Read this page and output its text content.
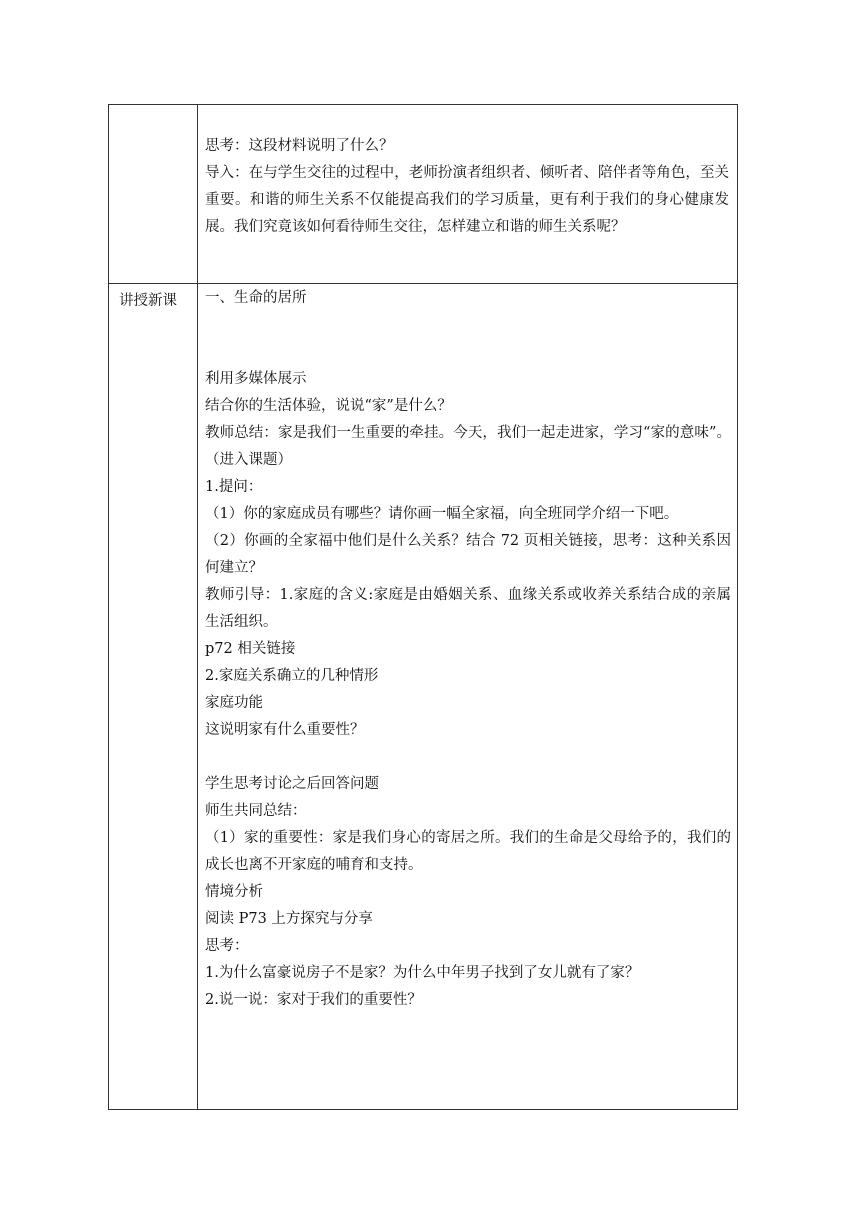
思考：这段材料说明了什么？
导入：在与学生交往的过程中，老师扮演者组织者、倾听者、陪伴者等角色，至关重要。和谐的师生关系不仅能提高我们的学习质量，更有利于我们的身心健康发展。我们究竟该如何看待师生交往，怎样建立和谐的师生关系呢？
讲授新课 一、生命的居所
利用多媒体展示
结合你的生活体验，说说“家”是什么？
教师总结：家是我们一生重要的牵挂。今天，我们一起走进家，学习“家的意味”。（进入课题）
1.提问：
（1）你的家庭成员有哪些？请你画一幅全家福，向全班同学介绍一下吧。
（2）你画的全家福中他们是什么关系？结合 72 页相关链接，思考：这种关系因何建立？
教师引导：1.家庭的含义:家庭是由婚姻关系、血缘关系或收养关系结合成的亲属生活组织。
p72 相关链接
2.家庭关系确立的几种情形
家庭功能
这说明家有什么重要性？
学生思考讨论之后回答问题
师生共同总结：
（1）家的重要性：家是我们身心的寄居之所。我们的生命是父母给予的，我们的成长也离不开家庭的哺育和支持。
情境分析
阅读 P73 上方探究与分享
思考：
1.为什么富豪说房子不是家？为什么中年男子找到了女儿就有了家？
2.说一说：家对于我们的重要性？
